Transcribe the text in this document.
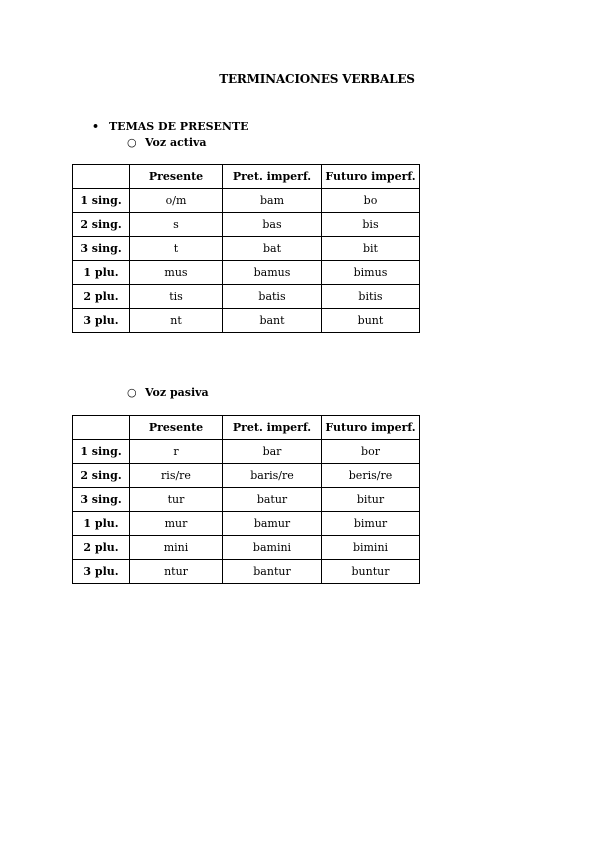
TERMINACIONES VERBALES
• TEMAS DE PRESENTE
○ Voz activa
	Presente	Pret. imperf.	Futuro imperf.
1 sing.	o/m	bam	bo
2 sing.	s	bas	bis
3 sing.	t	bat	bit
1 plu.	mus	bamus	bimus
2 plu.	tis	batis	bitis
3 plu.	nt	bant	bunt
○ Voz pasiva
	Presente	Pret. imperf.	Futuro imperf.
1 sing.	r	bar	bor
2 sing.	ris/re	baris/re	beris/re
3 sing.	tur	batur	bitur
1 plu.	mur	bamur	bimur
2 plu.	mini	bamini	bimini
3 plu.	ntur	bantur	buntur
